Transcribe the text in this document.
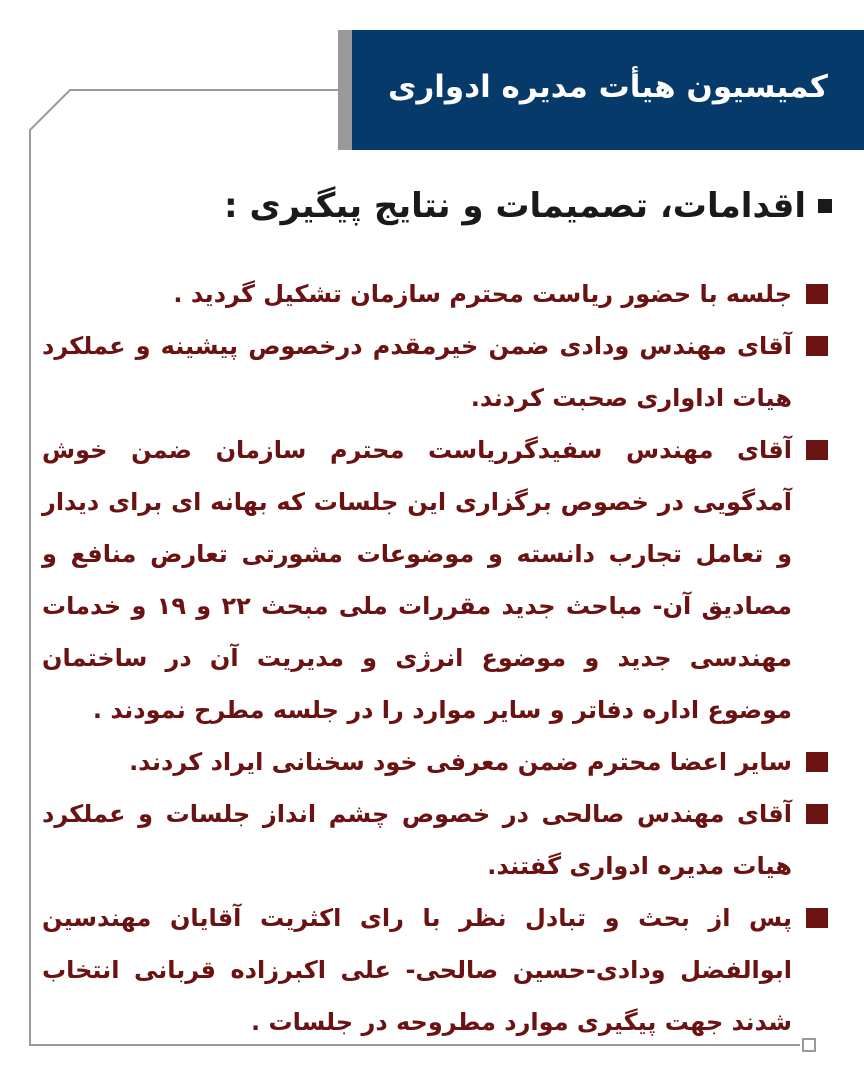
کمیسیون هیأت مدیره ادواری
اقدامات، تصمیمات و نتایج پیگیری :
جلسه با حضور ریاست محترم سازمان تشکیل گردید .
آقای مهندس ودادی ضمن خیرمقدم درخصوص پیشینه و عملکرد هیات اداواری صحبت کردند.
آقای مهندس سفیدگرریاست محترم سازمان ضمن خوش آمدگویی در خصوص برگزاری این جلسات که بهانه ای برای دیدار و تعامل تجارب دانسته و موضوعات مشورتی تعارض منافع و مصادیق آن- مباحث جدید مقررات ملی مبحث ۲۲ و ۱۹ و خدمات مهندسی جدید و موضوع انرژی و مدیریت آن در ساختمان موضوع اداره دفاتر و سایر موارد را در جلسه مطرح نمودند .
سایر اعضا محترم ضمن معرفی خود سخنانی ایراد کردند.
آقای مهندس صالحی در خصوص چشم انداز جلسات و عملکرد هیات مدیره ادواری گفتند.
پس از بحث و تبادل نظر با رای اکثریت آقایان مهندسین ابوالفضل ودادی-حسین صالحی- علی اکبرزاده قربانی انتخاب شدند جهت پیگیری موارد مطروحه در جلسات .
